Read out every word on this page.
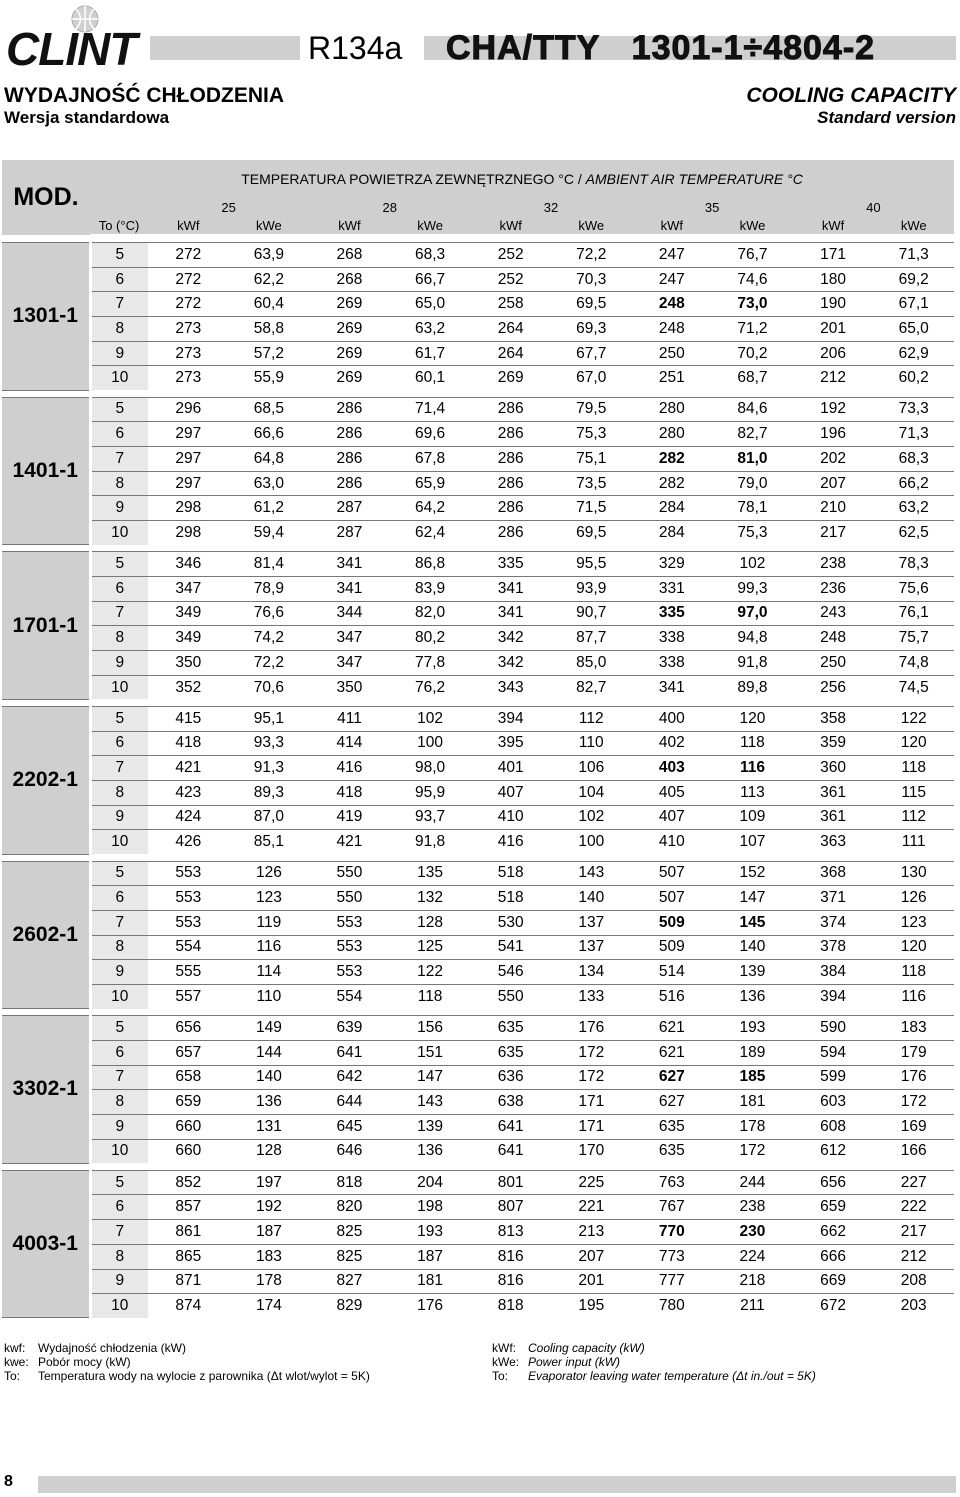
CLINT	R134a CHA/TTY 1301-1÷4804-2
WYDAJNOŚĆ CHŁODZENIA
Wersja standardowa
COOLING CAPACITY
Standard version
MOD.	TEMPERATURA POWIETRZA ZEWNĘTRZNEGO °C / AMBIENT AIR TEMPERATURE °C										
		25		28		32		35		40	
	To (°C)	kWf	kWe	kWf	kWe	kWf	kWe	kWf	kWe	kWf	kWe

1301-1	5	272	63,9	268	68,3	252	72,2	247	76,7	171	71,3
	6	272	62,2	268	66,7	252	70,3	247	74,6	180	69,2
	7	272	60,4	269	65,0	258	69,5	248	73,0	190	67,1
	8	273	58,8	269	63,2	264	69,3	248	71,2	201	65,0
	9	273	57,2	269	61,7	264	67,7	250	70,2	206	62,9
	10	273	55,9	269	60,1	269	67,0	251	68,7	212	60,2

1401-1	5	296	68,5	286	71,4	286	79,5	280	84,6	192	73,3
	6	297	66,6	286	69,6	286	75,3	280	82,7	196	71,3
	7	297	64,8	286	67,8	286	75,1	282	81,0	202	68,3
	8	297	63,0	286	65,9	286	73,5	282	79,0	207	66,2
	9	298	61,2	287	64,2	286	71,5	284	78,1	210	63,2
	10	298	59,4	287	62,4	286	69,5	284	75,3	217	62,5

1701-1	5	346	81,4	341	86,8	335	95,5	329	102	238	78,3
	6	347	78,9	341	83,9	341	93,9	331	99,3	236	75,6
	7	349	76,6	344	82,0	341	90,7	335	97,0	243	76,1
	8	349	74,2	347	80,2	342	87,7	338	94,8	248	75,7
	9	350	72,2	347	77,8	342	85,0	338	91,8	250	74,8
	10	352	70,6	350	76,2	343	82,7	341	89,8	256	74,5

2202-1	5	415	95,1	411	102	394	112	400	120	358	122
	6	418	93,3	414	100	395	110	402	118	359	120
	7	421	91,3	416	98,0	401	106	403	116	360	118
	8	423	89,3	418	95,9	407	104	405	113	361	115
	9	424	87,0	419	93,7	410	102	407	109	361	112
	10	426	85,1	421	91,8	416	100	410	107	363	111

2602-1	5	553	126	550	135	518	143	507	152	368	130
	6	553	123	550	132	518	140	507	147	371	126
	7	553	119	553	128	530	137	509	145	374	123
	8	554	116	553	125	541	137	509	140	378	120
	9	555	114	553	122	546	134	514	139	384	118
	10	557	110	554	118	550	133	516	136	394	116

3302-1	5	656	149	639	156	635	176	621	193	590	183
	6	657	144	641	151	635	172	621	189	594	179
	7	658	140	642	147	636	172	627	185	599	176
	8	659	136	644	143	638	171	627	181	603	172
	9	660	131	645	139	641	171	635	178	608	169
	10	660	128	646	136	641	170	635	172	612	166

4003-1	5	852	197	818	204	801	225	763	244	656	227
	6	857	192	820	198	807	221	767	238	659	222
	7	861	187	825	193	813	213	770	230	662	217
	8	865	183	825	187	816	207	773	224	666	212
	9	871	178	827	181	816	201	777	218	669	208
	10	874	174	829	176	818	195	780	211	672	203
kwf: Wydajność chłodzenia (kW)
kwe: Pobór mocy (kW)
To: Temperatura wody na wylocie z parownika (Δt wlot/wylot = 5K)
kWf: Cooling capacity (kW)
kWe: Power input (kW)
To: Evaporator leaving water temperature (Δt in./out = 5K)
8
